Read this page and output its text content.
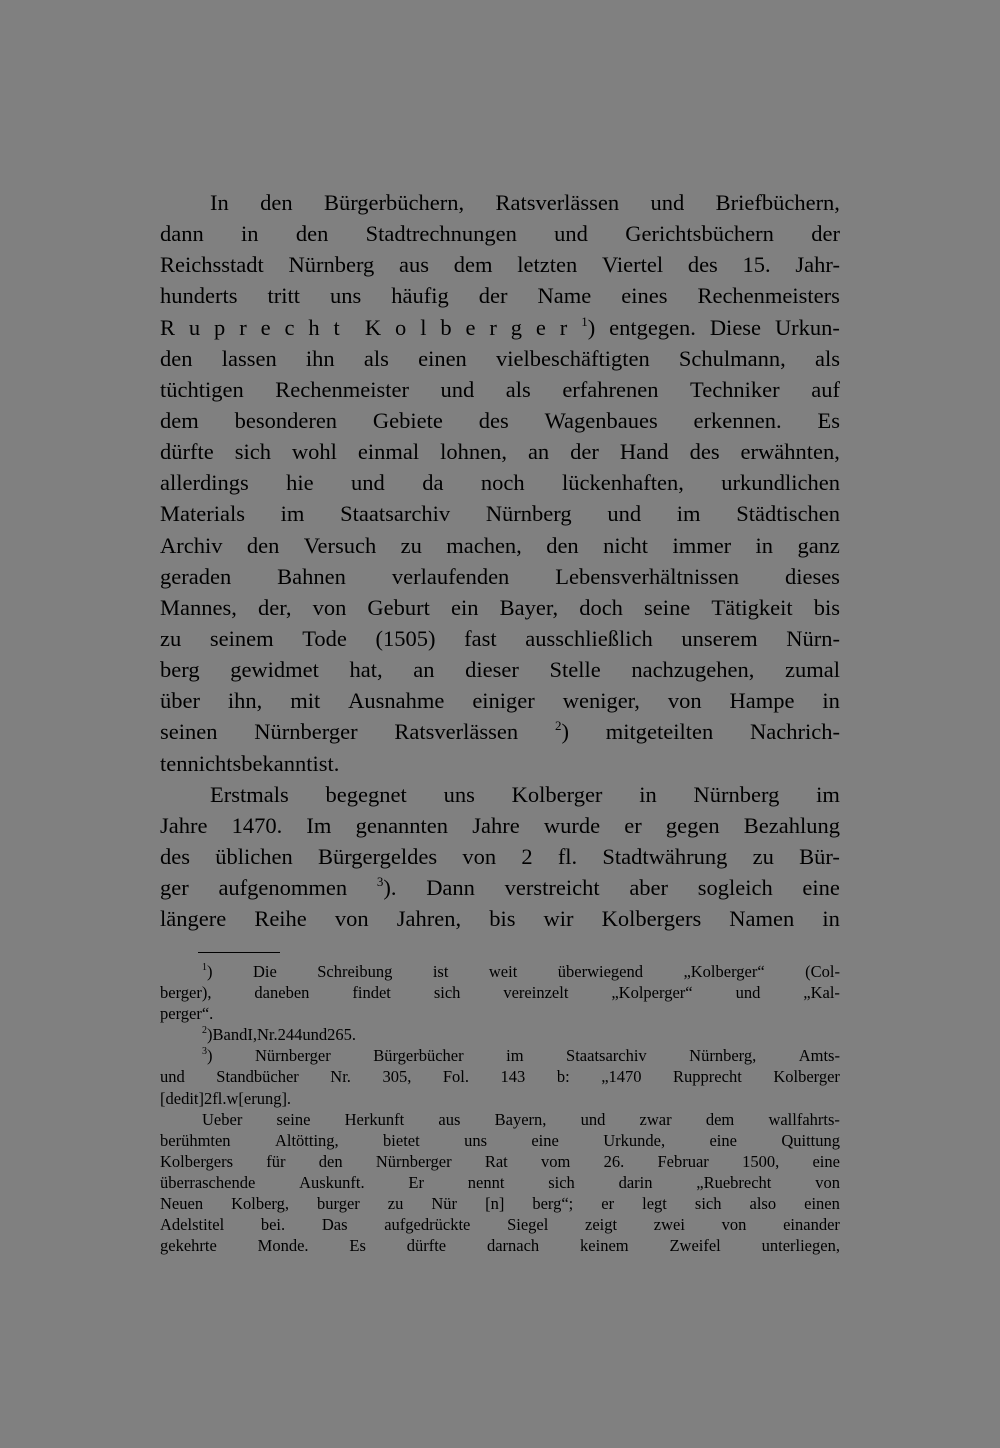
In den Bürgerbüchern, Ratsverlässen und Briefbüchern,
dann in den Stadtrechnungen und Gerichtsbüchern der
Reichsstadt Nürnberg aus dem letzten Viertel des 15. Jahr-
hunderts tritt uns häufig der Name eines Rechenmeisters
R u p r e c h t  K o l b e r g e r $^1$) entgegen. Diese Urkun-
den lassen ihn als einen vielbeschäftigten Schulmann, als
tüchtigen Rechenmeister und als erfahrenen Techniker auf
dem besonderen Gebiete des Wagenbaues erkennen. Es
dürfte sich wohl einmal lohnen, an der Hand des erwähnten,
allerdings hie und da noch lückenhaften, urkundlichen
Materials im Staatsarchiv Nürnberg und im Städtischen
Archiv den Versuch zu machen, den nicht immer in ganz
geraden Bahnen verlaufenden Lebensverhältnissen dieses
Mannes, der, von Geburt ein Bayer, doch seine Tätigkeit bis
zu seinem Tode (1505) fast ausschließlich unserem Nürn-
berg gewidmet hat, an dieser Stelle nachzugehen, zumal
über ihn, mit Ausnahme einiger weniger, von Hampe in
seinen Nürnberger Ratsverlässen	$^2$) mitgeteilten Nachrich-
ten nichts bekannt ist.
Erstmals begegnet uns Kolberger in Nürnberg im
Jahre 1470. Im genannten Jahre wurde er gegen Bezahlung
des üblichen Bürgergeldes von 2 fl. Stadtwährung zu Bür-
ger aufgenommen $^3$). Dann verstreicht aber sogleich eine
längere Reihe von Jahren, bis wir Kolbergers Namen in
$^1$) Die Schreibung ist weit überwiegend „Kolberger“ (Col-
berger),	daneben	findet	sich	vereinzelt	„Kolperger“	und	„Kal-
perger“.
$^2$) Band I, Nr. 244 und 265.
$^3$)	Nürnberger	Bürgerbücher	im	Staatsarchiv	Nürnberg,	Amts-
und Standbücher Nr. 305, Fol. 143 b: „1470 Rupprecht Kolberger
[dedit] 2 fl. w [erung].
Ueber seine Herkunft aus Bayern, und zwar dem wallfahrts-
berühmten	Altötting,	bietet	uns	eine	Urkunde,	eine	Quittung
Kolbergers für den Nürnberger Rat vom 26. Februar 1500, eine
überraschende	Auskunft.	Er	nennt	sich	darin	„Ruebrecht	von
Neuen Kolberg, burger zu Nür [n] berg“; er legt sich also einen
Adelstitel bei. Das aufgedrückte Siegel zeigt zwei von einander
gekehrte Monde. Es dürfte darnach keinem Zweifel unterliegen,
